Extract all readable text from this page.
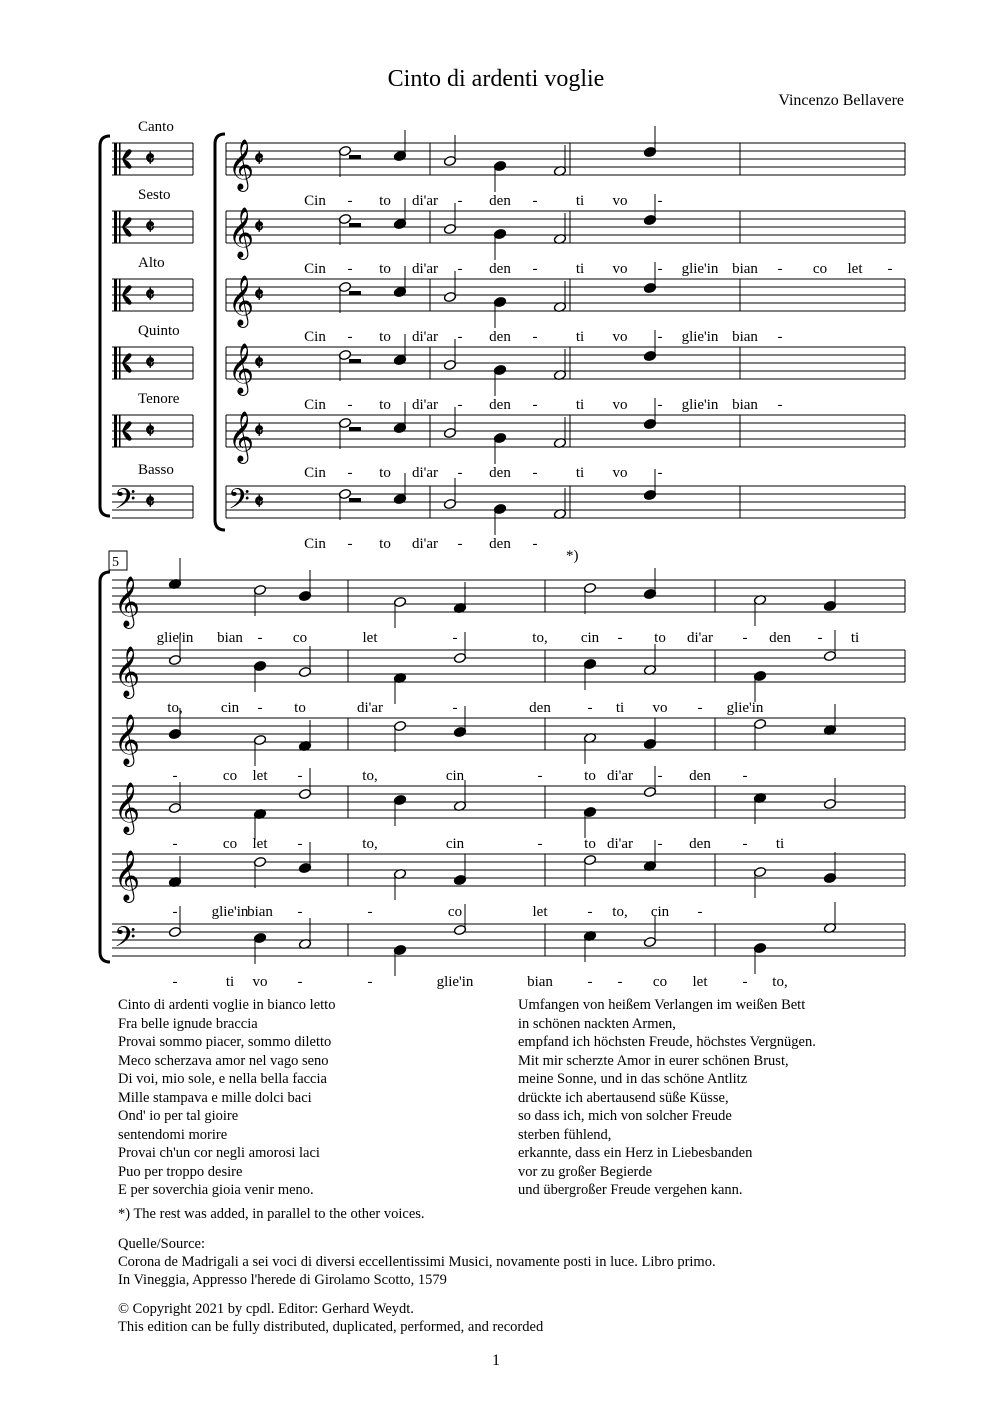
Cinto di ardenti voglie
Vincenzo Bellavere
Canto
𝄞
𝄵	𝄵
Cin - to di'ar - den -	ti vo -
Sesto
𝄞
𝄵	𝄵
Cin - to di'ar - den -	ti vo - glie'in bian - co let -
Alto
𝄞
𝄵	𝄵
Cin - to di'ar - den -	ti vo - glie'in bian -
Quinto
𝄞
𝄵	𝄵
Cin - to di'ar - den -	ti vo - glie'in bian -
Tenore
𝄞
𝄵	𝄵
Cin - to di'ar - den -	ti vo -
Basso
𝄢	𝄢
𝄵	𝄵
Cin - to di'ar - den -
5	*)
𝄞
glie'in bian - co	let	-	to, cin - to di'ar - den - ti
𝄞
to,	cin - to	di'ar	-	den - ti vo - glie'in
𝄞
-	co let -	to,	cin	-	to di'ar - den -
𝄞
-	co let -	to,	cin	-	to di'ar - den - ti
𝄞
- glie'in
bian -	-	co	let	- to, cin -
𝄢
-	ti vo -	-	glie'in	bian - - co let - to,
Cinto di ardenti voglie in bianco letto
Fra belle ignude braccia
Provai sommo piacer, sommo diletto
Meco scherzava amor nel vago seno
Di voi, mio sole, e nella bella faccia
Mille stampava e mille dolci baci
Ond' io per tal gioire
sentendomi morire
Provai ch'un cor negli amorosi laci
Puo per troppo desire
E per soverchia gioia venir meno.
Umfangen von heißem Verlangen im weißen Bett
in schönen nackten Armen,
empfand ich höchsten Freude, höchstes Vergnügen.
Mit mir scherzte Amor in eurer schönen Brust,
meine Sonne, und in das schöne Antlitz
drückte ich abertausend süße Küsse,
so dass ich, mich von solcher Freude
sterben fühlend,
erkannte, dass ein Herz in Liebesbanden
vor zu großer Begierde
und übergroßer Freude vergehen kann.
*) The rest was added, in parallel to the other voices.
Quelle/Source:
Corona de Madrigali a sei voci di diversi eccellentissimi Musici, novamente posti in luce. Libro primo.
In Vineggia, Appresso l'herede di Girolamo Scotto, 1579
© Copyright 2021 by cpdl. Editor: Gerhard Weydt.
This edition can be fully distributed, duplicated, performed, and recorded
1
